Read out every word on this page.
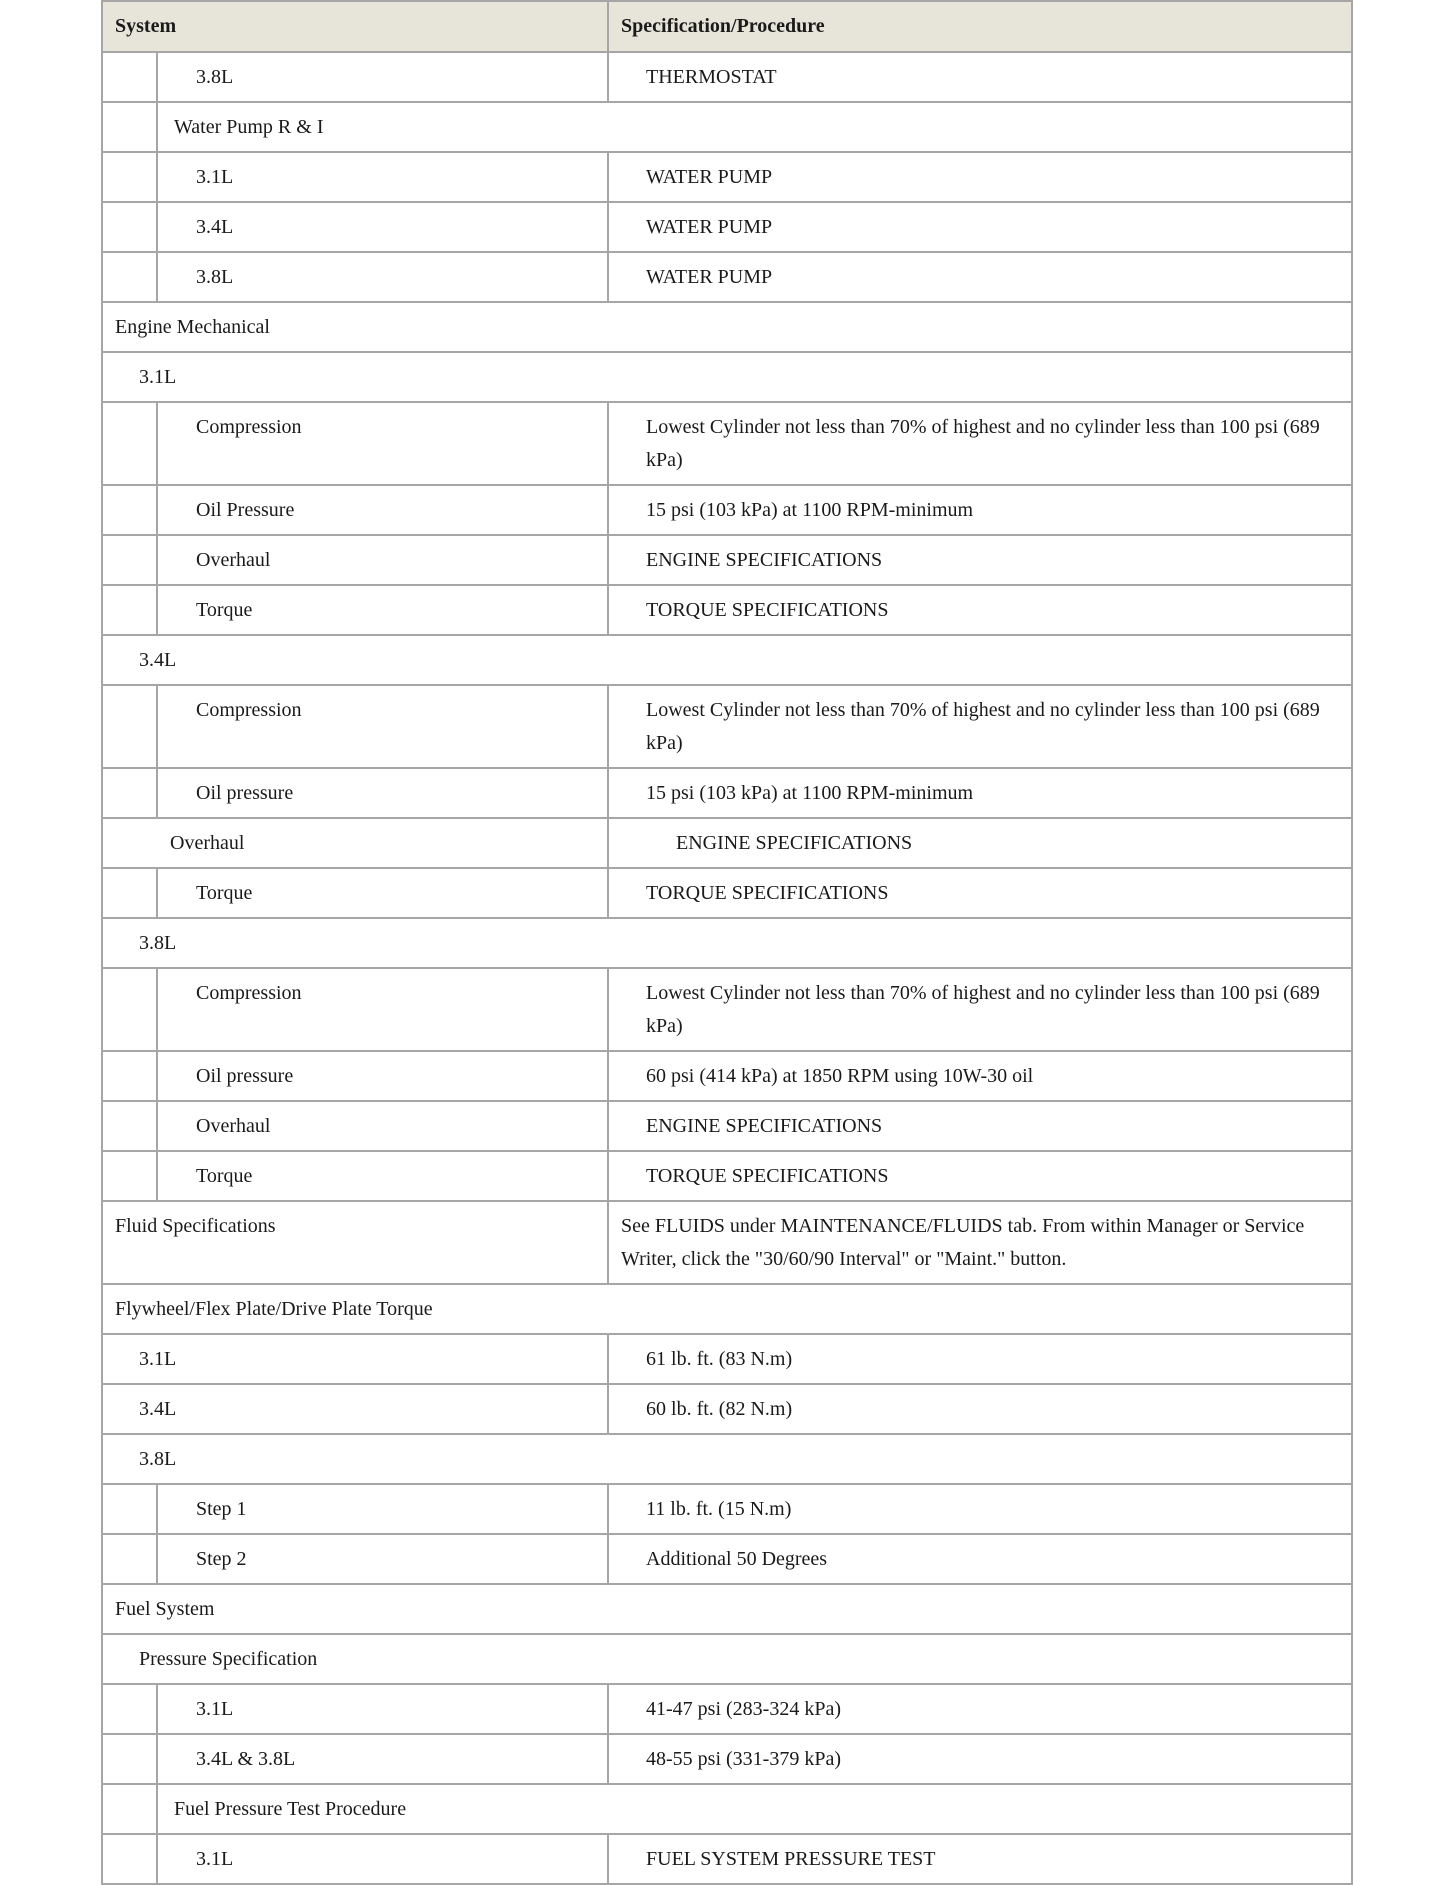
System		Specification/Procedure
	3.8L	THERMOSTAT
	Water Pump R & I	
	3.1L	WATER PUMP
	3.4L	WATER PUMP
	3.8L	WATER PUMP
Engine Mechanical		
3.1L		
	Compression	Lowest Cylinder not less than 70% of highest and no cylinder less than 100 psi (689 kPa)
	Oil Pressure	15 psi (103 kPa) at 1100 RPM-minimum
	Overhaul	ENGINE SPECIFICATIONS
	Torque	TORQUE SPECIFICATIONS
3.4L		
	Compression	Lowest Cylinder not less than 70% of highest and no cylinder less than 100 psi (689 kPa)
	Oil pressure	15 psi (103 kPa) at 1100 RPM-minimum
Overhaul		ENGINE SPECIFICATIONS
	Torque	TORQUE SPECIFICATIONS
3.8L		
	Compression	Lowest Cylinder not less than 70% of highest and no cylinder less than 100 psi (689 kPa)
	Oil pressure	60 psi (414 kPa) at 1850 RPM using 10W-30 oil
	Overhaul	ENGINE SPECIFICATIONS
	Torque	TORQUE SPECIFICATIONS
Fluid Specifications		See FLUIDS under MAINTENANCE/FLUIDS tab. From within Manager or Service Writer, click the "30/60/90 Interval" or "Maint." button.
Flywheel/Flex Plate/Drive Plate Torque		
3.1L		61 lb. ft. (83 N.m)
3.4L		60 lb. ft. (82 N.m)
3.8L		
	Step 1	11 lb. ft. (15 N.m)
	Step 2	Additional 50 Degrees
Fuel System		
Pressure Specification		
	3.1L	41-47 psi (283-324 kPa)
	3.4L & 3.8L	48-55 psi (331-379 kPa)
	Fuel Pressure Test Procedure	
	3.1L	FUEL SYSTEM PRESSURE TEST
